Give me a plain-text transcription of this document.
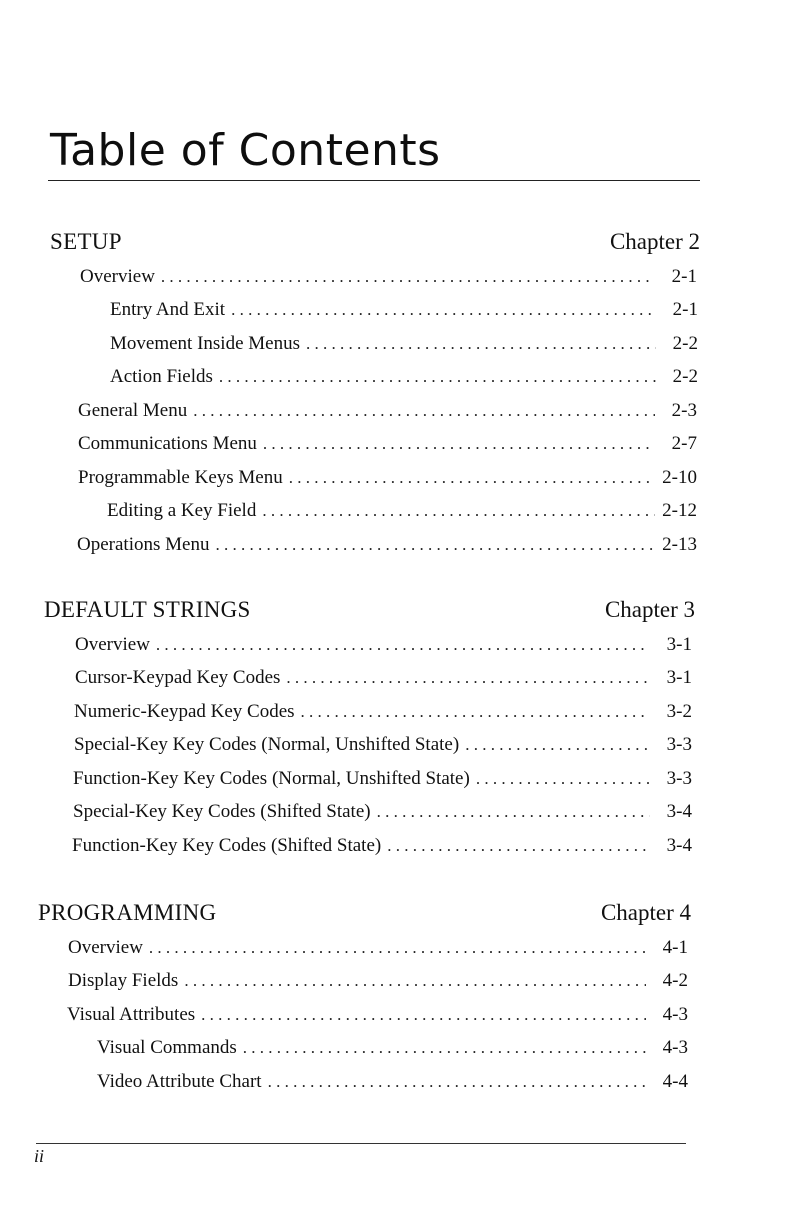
Table of Contents
SETUP	Chapter 2
Overview . . .	2-1
Entry And Exit . . .	2-1
Movement Inside Menus . . .	2-2
Action Fields . . .	2-2
General Menu . . .	2-3
Communications Menu . . .	2-7
Programmable Keys Menu . . .	2-10
Editing a Key Field . . .	2-12
Operations Menu . . .	2-13
DEFAULT STRINGS	Chapter 3
Overview . . .	3-1
Cursor-Keypad Key Codes . . .	3-1
Numeric-Keypad Key Codes . . .	3-2
Special-Key Key Codes (Normal, Unshifted State) . . .	3-3
Function-Key Key Codes (Normal, Unshifted State) . . .	3-3
Special-Key Key Codes (Shifted State) . . .	3-4
Function-Key Key Codes (Shifted State) . . .	3-4
PROGRAMMING	Chapter 4
Overview . . .	4-1
Display Fields . . .	4-2
Visual Attributes . . .	4-3
Visual Commands . . .	4-3
Video Attribute Chart . . .	4-4
ii
